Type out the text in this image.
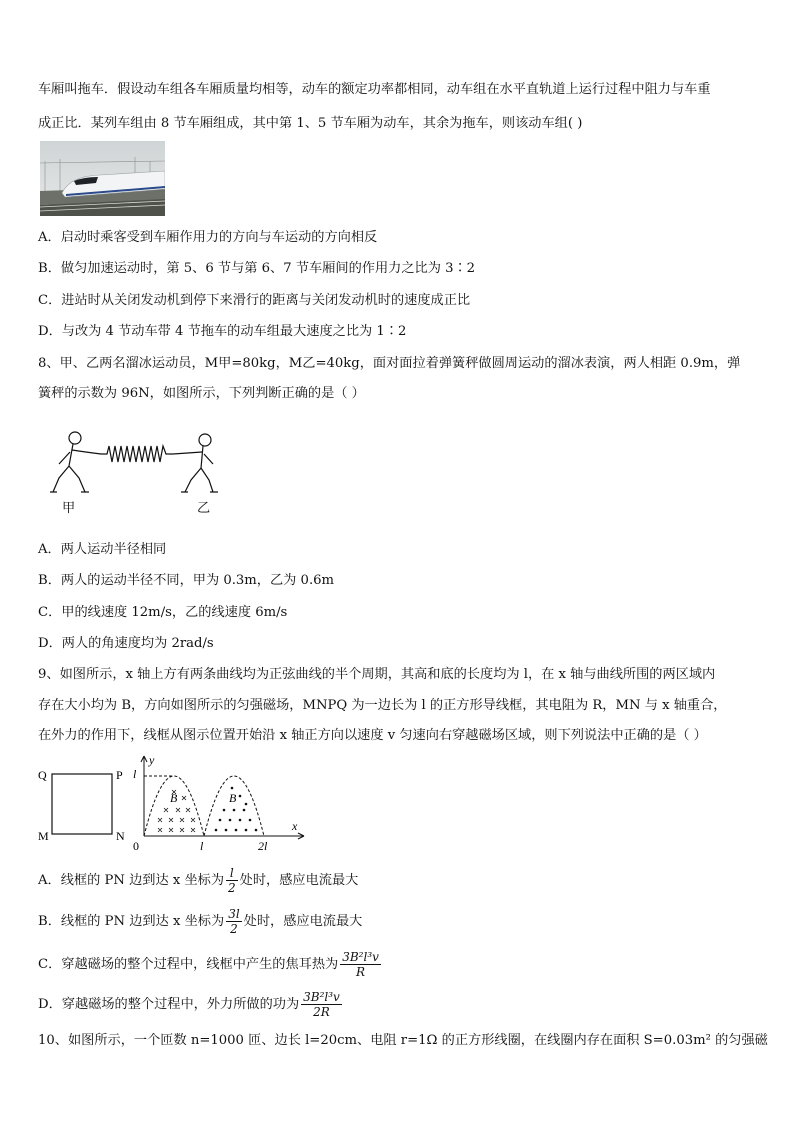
车厢叫拖车．假设动车组各车厢质量均相等，动车的额定功率都相同，动车组在水平直轨道上运行过程中阻力与车重
成正比．某列车组由 8 节车厢组成，其中第 1、5 节车厢为动车，其余为拖车，则该动车组( )
A．启动时乘客受到车厢作用力的方向与车运动的方向相反
B．做匀加速运动时，第 5、6 节与第 6、7 节车厢间的作用力之比为 3∶2
C．进站时从关闭发动机到停下来滑行的距离与关闭发动机时的速度成正比
D．与改为 4 节动车带 4 节拖车的动车组最大速度之比为 1∶2
8、甲、乙两名溜冰运动员，M甲=80kg，M乙=40kg，面对面拉着弹簧秤做圆周运动的溜冰表演，两人相距 0.9m，弹
簧秤的示数为 96N，如图所示，下列判断正确的是（ ）
甲	乙
A．两人运动半径相同
B．两人的运动半径不同，甲为 0.3m，乙为 0.6m
C．甲的线速度 12m/s，乙的线速度 6m/s
D．两人的角速度均为 2rad/s
9、如图所示，x 轴上方有两条曲线均为正弦曲线的半个周期，其高和底的长度均为 l，在 x 轴与曲线所围的两区域内
存在大小均为 B，方向如图所示的匀强磁场，MNPQ 为一边长为 l 的正方形导线框，其电阻为 R，MN 与 x 轴重合，
在外力的作用下，线框从图示位置开始沿 x 轴正方向以速度 v 匀速向右穿越磁场区域，则下列说法中正确的是（ ）
Q	P
M	N
y
x
l
0	l	2l
B	B
A．线框的 PN 边到达 x 坐标为 $\frac{l}{2}$ 处时，感应电流最大
B．线框的 PN 边到达 x 坐标为 $\frac{3l}{2}$ 处时，感应电流最大
C．穿越磁场的整个过程中，线框中产生的焦耳热为 $\frac{\text{3B²l³v}}{R}$
D．穿越磁场的整个过程中，外力所做的功为 $\frac{\text{3B²l³v}}{2R}$
10、如图所示，一个匝数 n=1000 匝、边长 l=20cm、电阻 r=1Ω 的正方形线圈，在线圈内存在面积 S=0.03m² 的匀强磁
